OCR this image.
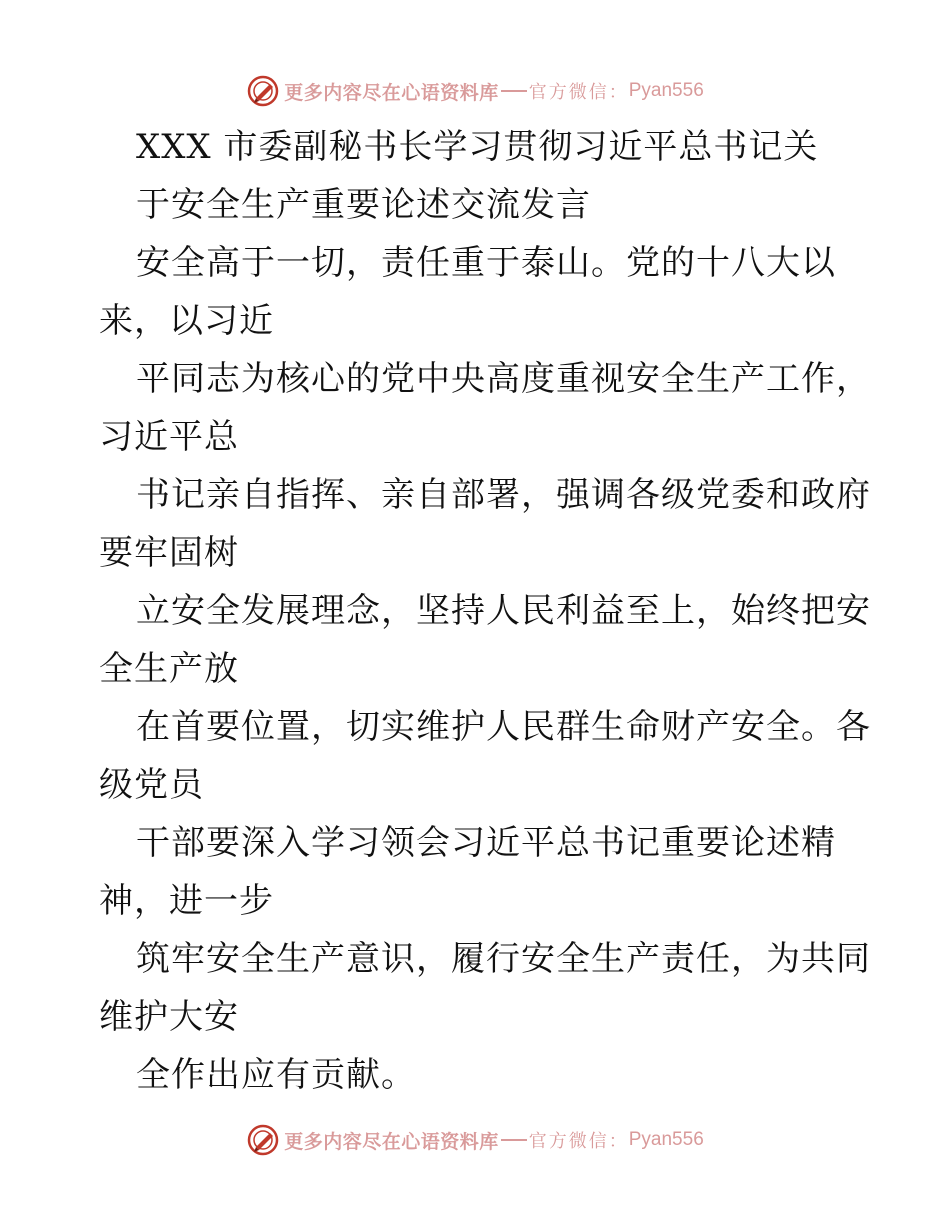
更多内容尽在心语资料库 官方微信： Pyan556
XXX 市委副秘书长学习贯彻习近平总书记关
于安全生产重要论述交流发言
安全高于一切，责任重于泰山。党的十八大以
来，以习近
平同志为核心的党中央高度重视安全生产工作，
习近平总
书记亲自指挥、亲自部署，强调各级党委和政府
要牢固树
立安全发展理念，坚持人民利益至上，始终把安
全生产放
在首要位置，切实维护人民群生命财产安全。各
级党员
干部要深入学习领会习近平总书记重要论述精
神，进一步
筑牢安全生产意识，履行安全生产责任，为共同
维护大安
全作出应有贡献。
更多内容尽在心语资料库 官方微信： Pyan556
